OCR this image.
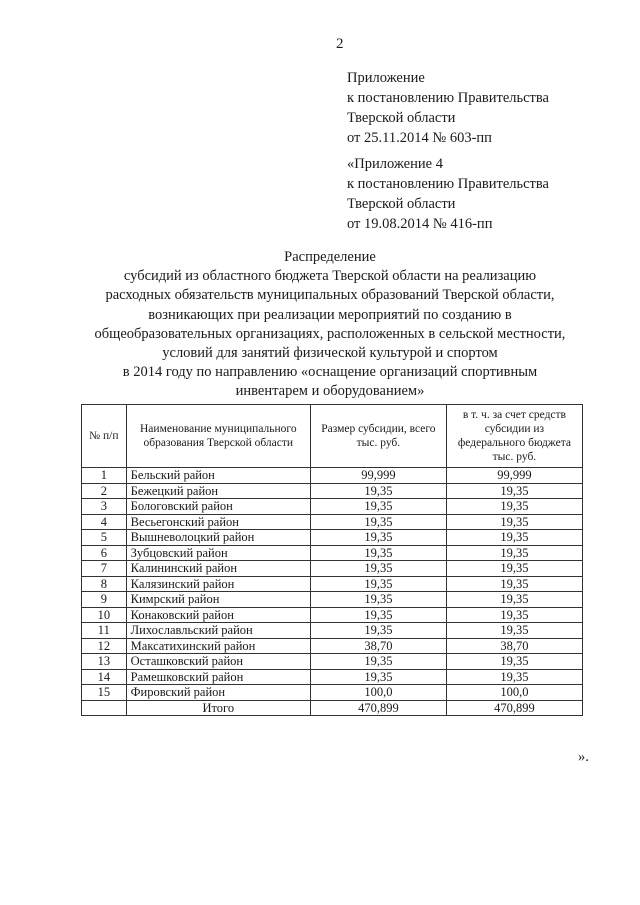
2
Приложение
к постановлению Правительства
Тверской области
от 25.11.2014 № 603-пп
«Приложение 4
к постановлению Правительства
Тверской области
от 19.08.2014 № 416-пп
Распределение
субсидий из областного бюджета Тверской области на реализацию
расходных обязательств муниципальных образований Тверской области,
возникающих при реализации мероприятий по созданию в
общеобразовательных организациях, расположенных в сельской местности,
условий для занятий физической культурой и спортом
в 2014 году по направлению «оснащение организаций спортивным
инвентарем и оборудованием»
№ п/п	Наименование муниципального образования Тверской области	Размер субсидии, всего тыс. руб.	в т. ч. за счет средств субсидии из федерального бюджета тыс. руб.
1	Бельский район	99,999	99,999
2	Бежецкий район	19,35	19,35
3	Бологовский район	19,35	19,35
4	Весьегонский район	19,35	19,35
5	Вышневолоцкий район	19,35	19,35
6	Зубцовский район	19,35	19,35
7	Калининский район	19,35	19,35
8	Калязинский район	19,35	19,35
9	Кимрский район	19,35	19,35
10	Конаковский район	19,35	19,35
11	Лихославльский район	19,35	19,35
12	Максатихинский район	38,70	38,70
13	Осташковский район	19,35	19,35
14	Рамешковский район	19,35	19,35
15	Фировский район	100,0	100,0
	Итого	470,899	470,899
».
